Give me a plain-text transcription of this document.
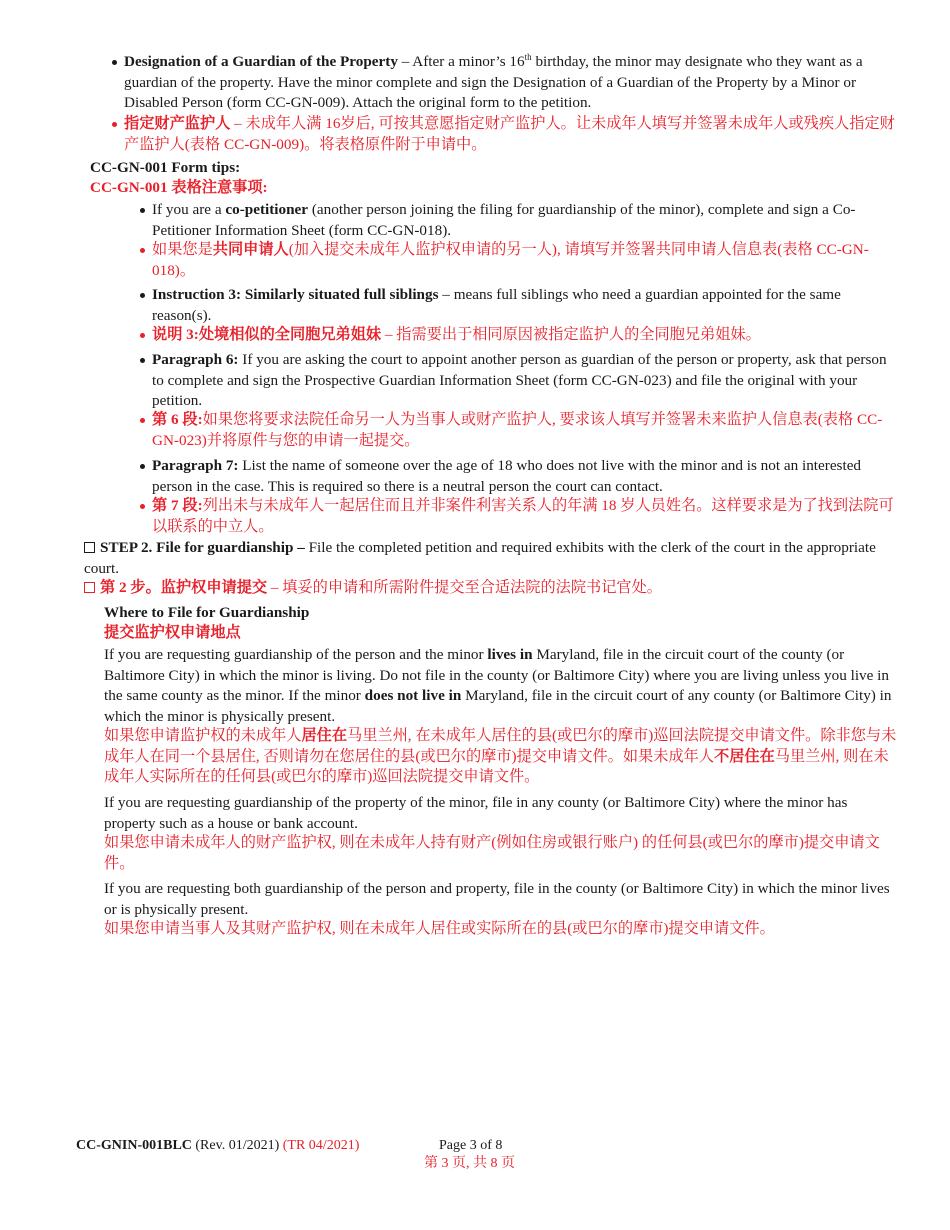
Designation of a Guardian of the Property – After a minor’s 16th birthday, the minor may designate who they want as a guardian of the property. Have the minor complete and sign the Designation of a Guardian of the Property by a Minor or Disabled Person (form CC-GN-009). Attach the original form to the petition.
指定财产监护人 – 未成年人满 16岁后, 可按其意愿指定财产监护人。让未成年人填写并签署未成年人或残疾人指定财产监护人(表格 CC-GN-009)。将表格原件附于申请中。
CC-GN-001 Form tips:
CC-GN-001 表格注意事项:
If you are a co-petitioner (another person joining the filing for guardianship of the minor), complete and sign a Co-Petitioner Information Sheet (form CC-GN-018).
如果您是共同申请人(加入提交未成年人监护权申请的另一人), 请填写并签署共同申请人信息表(表格 CC-GN-018)。
Instruction 3: Similarly situated full siblings – means full siblings who need a guardian appointed for the same reason(s).
说明 3:处境相似的全同胞兄弟姐妹 – 指需要出于相同原因被指定监护人的全同胞兄弟姐妹。
Paragraph 6: If you are asking the court to appoint another person as guardian of the person or property, ask that person to complete and sign the Prospective Guardian Information Sheet (form CC-GN-023) and file the original with your petition.
第 6 段:如果您将要求法院任命另一人为当事人或财产监护人, 要求该人填写并签署未来监护人信息表(表格 CC-GN-023)并将原件与您的申请一起提交。
Paragraph 7: List the name of someone over the age of 18 who does not live with the minor and is not an interested person in the case. This is required so there is a neutral person the court can contact.
第 7 段:列出未与未成年人一起居住而且并非案件利害关系人的年满 18 岁人员姓名。这样要求是为了找到法院可以联系的中立人。
STEP 2. File for guardianship – File the completed petition and required exhibits with the clerk of the court in the appropriate court.
第 2 步。监护权申请提交 – 填妥的申请和所需附件提交至合适法院的法院书记官处。
Where to File for Guardianship
提交监护权申请地点
If you are requesting guardianship of the person and the minor lives in Maryland, file in the circuit court of the county (or Baltimore City) in which the minor is living. Do not file in the county (or Baltimore City) where you are living unless you live in the same county as the minor. If the minor does not live in Maryland, file in the circuit court of any county (or Baltimore City) in which the minor is physically present.
如果您申请监护权的未成年人居住在马里兰州, 在未成年人居住的县(或巴尔的摩市)巡回法院提交申请文件。除非您与未成年人在同一个县居住, 否则请勿在您居住的县(或巴尔的摩市)提交申请文件。如果未成年人不居住在马里兰州, 则在未成年人实际所在的任何县(或巴尔的摩市)巡回法院提交申请文件。
If you are requesting guardianship of the property of the minor, file in any county (or Baltimore City) where the minor has property such as a house or bank account.
如果您申请未成年人的财产监护权, 则在未成年人持有财产(例如住房或银行账户) 的任何县(或巴尔的摩市)提交申请文件。
If you are requesting both guardianship of the person and property, file in the county (or Baltimore City) in which the minor lives or is physically present.
如果您申请当事人及其财产监护权, 则在未成年人居住或实际所在的县(或巴尔的摩市)提交申请文件。
CC-GNIN-001BLC (Rev. 01/2021) (TR 04/2021)	Page 3 of 8
第 3 页, 共 8 页
